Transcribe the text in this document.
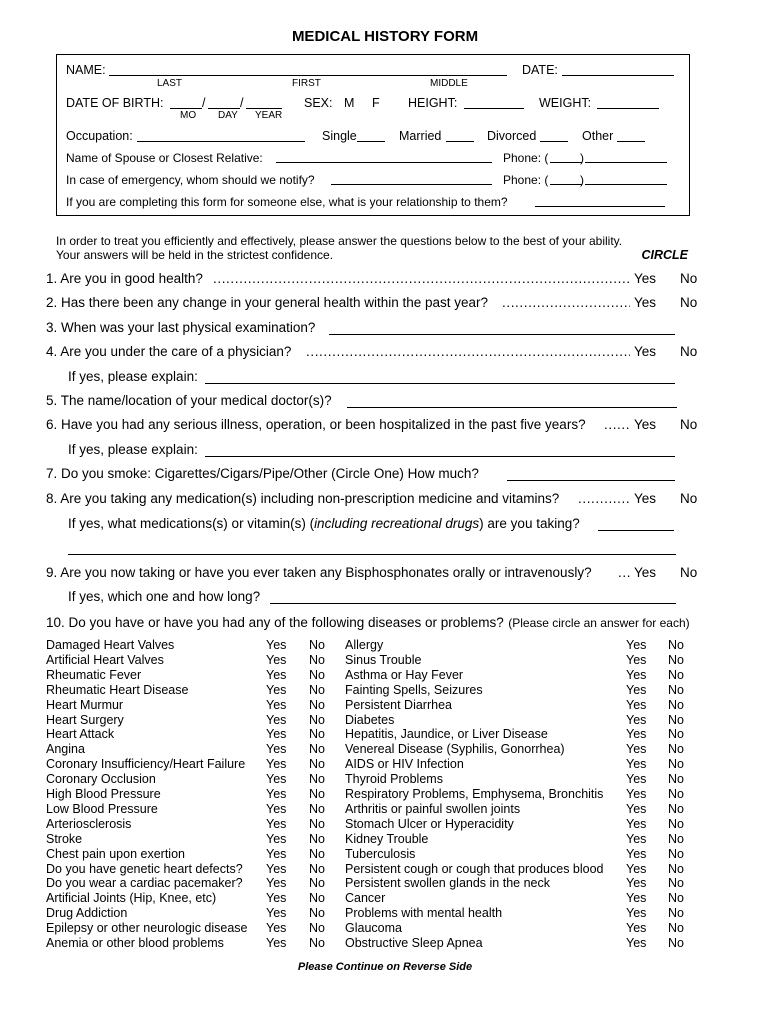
MEDICAL HISTORY FORM
NAME:	DATE:
LAST	FIRST	MIDDLE
DATE OF BIRTH:	/	/
MO DAY YEAR
SEX: M F HEIGHT:	WEIGHT:
Occupation:	Single	Married	Divorced	Other
Name of Spouse or Closest Relative:	Phone: (	)
In case of emergency, whom should we notify?	Phone: (	)
If you are completing this form for someone else, what is your relationship to them?
In order to treat you efficiently and effectively, please answer the questions below to the best of your ability.
Your answers will be held in the strictest confidence.	CIRCLE
1. Are you in good health? .....	Yes No
2. Has there been any change in your general health within the past year? .....	Yes No
3. When was your last physical examination?
4. Are you under the care of a physician? .....	Yes No
If yes, please explain:
5. The name/location of your medical doctor(s)?
6. Have you had any serious illness, operation, or been hospitalized in the past five years? .....	Yes No
If yes, please explain:
7. Do you smoke: Cigarettes/Cigars/Pipe/Other (Circle One) How much?
8. Are you taking any medication(s) including non-prescription medicine and vitamins? .....	Yes No
If yes, what medications(s) or vitamin(s) (including recreational drugs) are you taking?
9. Are you now taking or have you ever taken any Bisphosphonates orally or intravenously? .....	Yes No
If yes, which one and how long?
10. Do you have or have you had any of the following diseases or problems? (Please circle an answer for each)
Damaged Heart Valves	Yes No
Artificial Heart Valves	Yes No
Rheumatic Fever	Yes No
Rheumatic Heart Disease	Yes No
Heart Murmur	Yes No
Heart Surgery	Yes No
Heart Attack	Yes No
Angina	Yes No
Coronary Insufficiency/Heart Failure Yes No
Coronary Occlusion	Yes No
High Blood Pressure	Yes No
Low Blood Pressure	Yes No
Arteriosclerosis	Yes No
Stroke	Yes No
Chest pain upon exertion	Yes No
Do you have genetic heart defects? Yes No
Do you wear a cardiac pacemaker? Yes No
Artificial Joints (Hip, Knee, etc)	Yes No
Drug Addiction	Yes No
Epilepsy or other neurologic disease Yes No
Anemia or other blood problems	Yes No
Allergy	Yes No
Sinus Trouble	Yes No
Asthma or Hay Fever	Yes No
Fainting Spells, Seizures	Yes No
Persistent Diarrhea	Yes No
Diabetes	Yes No
Hepatitis, Jaundice, or Liver Disease	Yes No
Venereal Disease (Syphilis, Gonorrhea)	Yes No
AIDS or HIV Infection	Yes No
Thyroid Problems	Yes No
Respiratory Problems, Emphysema, Bronchitis Yes No
Arthritis or painful swollen joints	Yes No
Stomach Ulcer or Hyperacidity	Yes No
Kidney Trouble	Yes No
Tuberculosis	Yes No
Persistent cough or cough that produces blood Yes No
Persistent swollen glands in the neck	Yes No
Cancer	Yes No
Problems with mental health	Yes No
Glaucoma	Yes No
Obstructive Sleep Apnea	Yes No
Please Continue on Reverse Side
